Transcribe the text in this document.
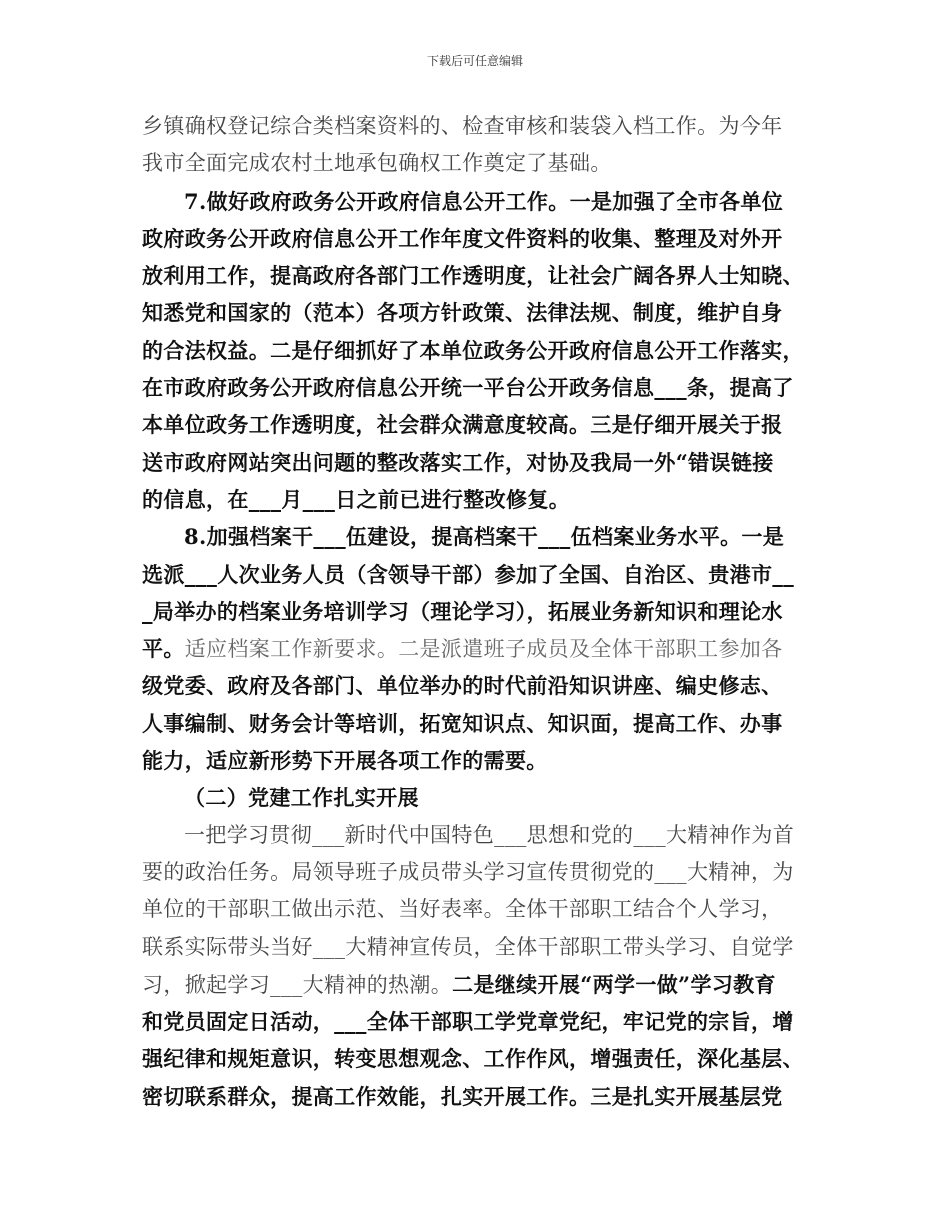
下载后可任意编辑
乡镇确权登记综合类档案资料的、检查审核和装袋入档工作。为今年
我市全面完成农村土地承包确权工作奠定了基础。
7.做好政府政务公开政府信息公开工作。一是加强了全市各单位
政府政务公开政府信息公开工作年度文件资料的收集、整理及对外开
放利用工作，提高政府各部门工作透明度，让社会广阔各界人士知晓、
知悉党和国家的（范本）各项方针政策、法律法规、制度，维护自身
的合法权益。二是仔细抓好了本单位政务公开政府信息公开工作落实，
在市政府政务公开政府信息公开统一平台公开政务信息___条，提高了
本单位政务工作透明度，社会群众满意度较高。三是仔细开展关于报
送市政府网站突出问题的整改落实工作，对协及我局一外“错误链接
的信息，在___月___日之前已进行整改修复。
8.加强档案干___伍建设，提高档案干___伍档案业务水平。一是
选派___人次业务人员（含领导干部）参加了全国、自治区、贵港市__
_局举办的档案业务培训学习（理论学习），拓展业务新知识和理论水
平。适应档案工作新要求。二是派遣班子成员及全体干部职工参加各
级党委、政府及各部门、单位举办的时代前沿知识讲座、编史修志、
人事编制、财务会计等培训，拓宽知识点、知识面，提高工作、办事
能力，适应新形势下开展各项工作的需要。
（二）党建工作扎实开展
一把学习贯彻___新时代中国特色___思想和党的___大精神作为首
要的政治任务。局领导班子成员带头学习宣传贯彻党的___大精神，为
单位的干部职工做出示范、当好表率。全体干部职工结合个人学习，
联系实际带头当好___大精神宣传员，全体干部职工带头学习、自觉学
习，掀起学习___大精神的热潮。二是继续开展“两学一做”学习教育
和党员固定日活动，___全体干部职工学党章党纪，牢记党的宗旨，增
强纪律和规矩意识，转变思想观念、工作作风，增强责任，深化基层、
密切联系群众，提高工作效能，扎实开展工作。三是扎实开展基层党
